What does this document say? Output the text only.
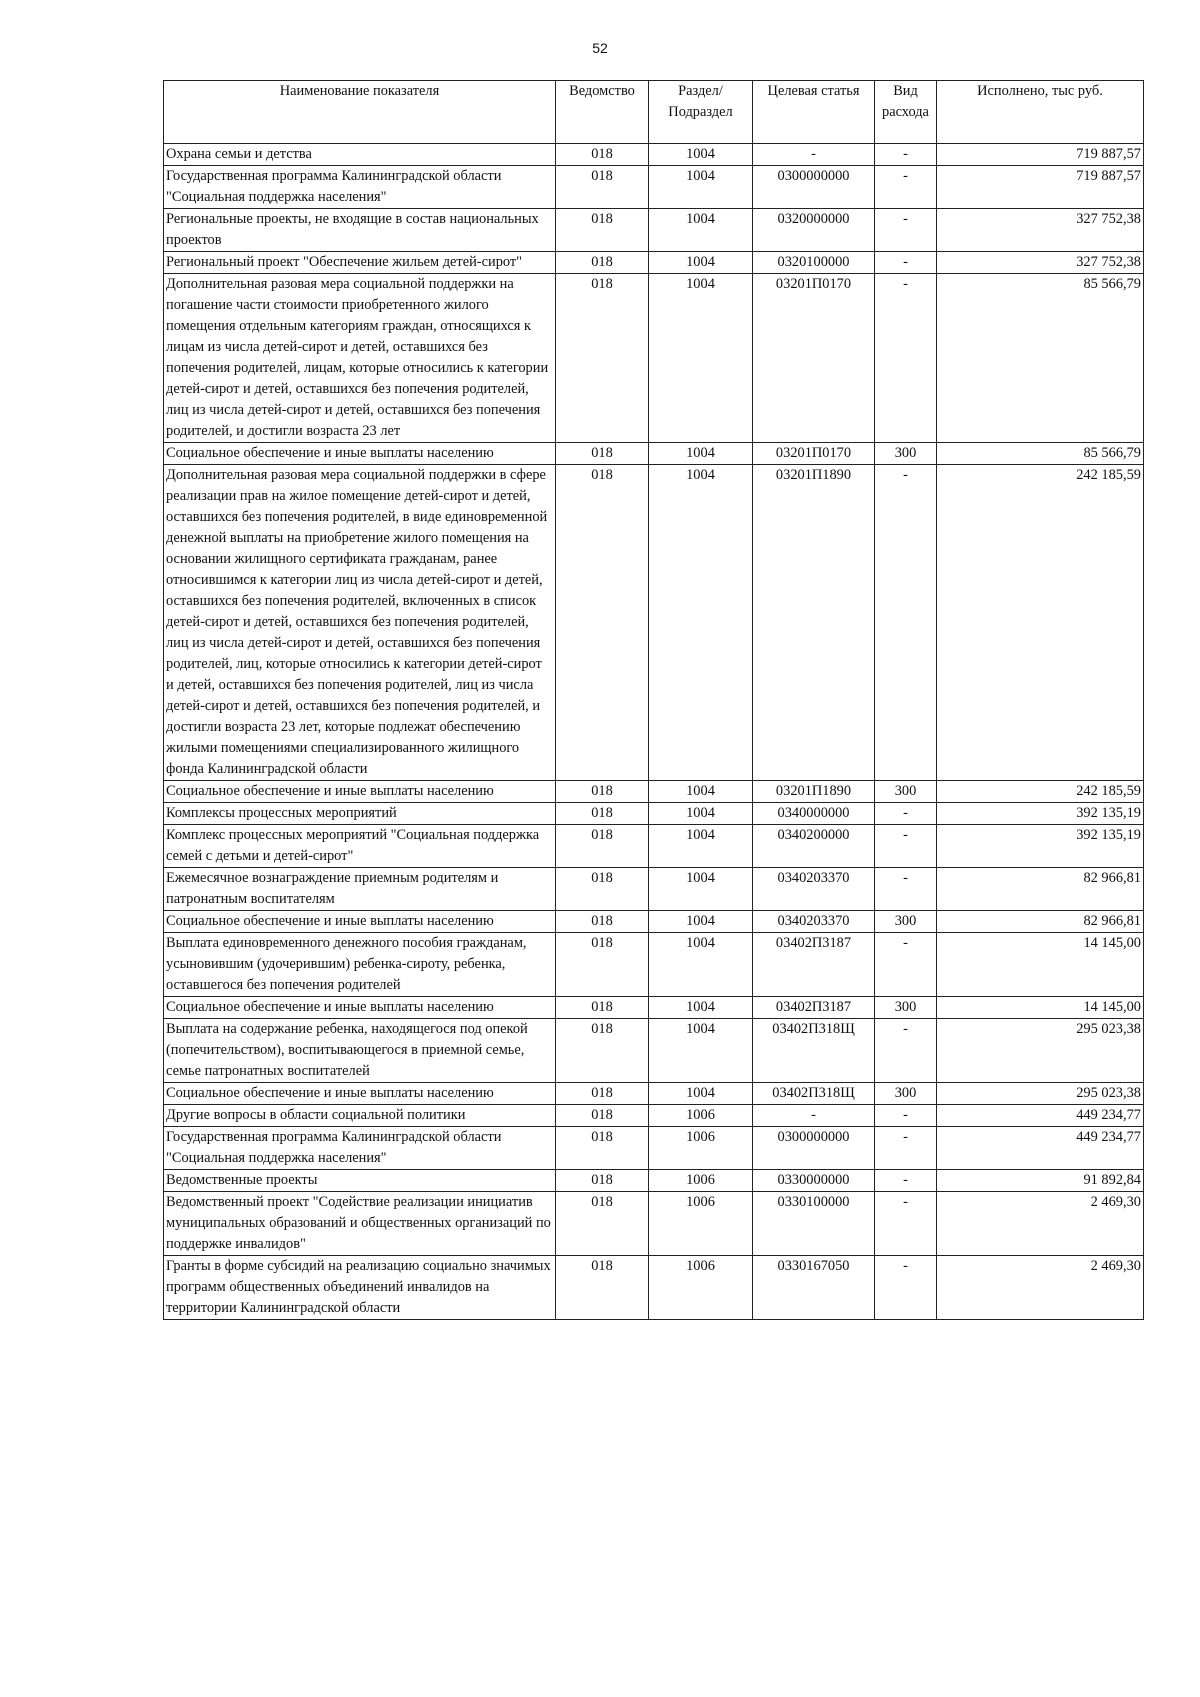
52
Наименование показателя	Ведомство	Раздел/ Подраздел	Целевая статья	Вид расхода	Исполнено, тыс руб.
Охрана семьи и детства	018	1004	-	-	719 887,57
Государственная программа Калининградской области "Социальная поддержка населения"	018	1004	0300000000	-	719 887,57
Региональные проекты, не входящие в состав национальных проектов	018	1004	0320000000	-	327 752,38
Региональный проект "Обеспечение жильем детей-сирот"	018	1004	0320100000	-	327 752,38
Дополнительная разовая мера социальной поддержки на погашение части стоимости приобретенного жилого помещения отдельным категориям граждан, относящихся к лицам из числа детей-сирот и детей, оставшихся без попечения родителей, лицам, которые относились к категории детей-сирот и детей, оставшихся без попечения родителей, лиц из числа детей-сирот и детей, оставшихся без попечения родителей, и достигли возраста 23 лет	018	1004	03201П0170	-	85 566,79
Социальное обеспечение и иные выплаты населению	018	1004	03201П0170	300	85 566,79
Дополнительная разовая мера социальной поддержки в сфере реализации прав на жилое помещение детей-сирот и детей, оставшихся без попечения родителей, в виде единовременной денежной выплаты на приобретение жилого помещения на основании жилищного сертификата гражданам, ранее относившимся к категории лиц из числа детей-сирот и детей, оставшихся без попечения родителей, включенных в список детей-сирот и детей, оставшихся без попечения родителей, лиц из числа детей-сирот и детей, оставшихся без попечения родителей, лиц, которые относились к категории детей-сирот и детей, оставшихся без попечения родителей, лиц из числа детей-сирот и детей, оставшихся без попечения родителей, и достигли возраста 23 лет, которые подлежат обеспечению жилыми помещениями специализированного жилищного фонда Калининградской области	018	1004	03201П1890	-	242 185,59
Социальное обеспечение и иные выплаты населению	018	1004	03201П1890	300	242 185,59
Комплексы процессных мероприятий	018	1004	0340000000	-	392 135,19
Комплекс процессных мероприятий "Социальная поддержка семей с детьми и детей-сирот"	018	1004	0340200000	-	392 135,19
Ежемесячное вознаграждение приемным родителям и патронатным воспитателям	018	1004	0340203370	-	82 966,81
Социальное обеспечение и иные выплаты населению	018	1004	0340203370	300	82 966,81
Выплата единовременного денежного пособия гражданам, усыновившим (удочерившим) ребенка-сироту, ребенка, оставшегося без попечения родителей	018	1004	03402П3187	-	14 145,00
Социальное обеспечение и иные выплаты населению	018	1004	03402П3187	300	14 145,00
Выплата на содержание ребенка, находящегося под опекой (попечительством), воспитывающегося в приемной семье, семье патронатных воспитателей	018	1004	03402П318Щ	-	295 023,38
Социальное обеспечение и иные выплаты населению	018	1004	03402П318Щ	300	295 023,38
Другие вопросы в области социальной политики	018	1006	-	-	449 234,77
Государственная программа Калининградской области "Социальная поддержка населения"	018	1006	0300000000	-	449 234,77
Ведомственные проекты	018	1006	0330000000	-	91 892,84
Ведомственный проект "Содействие реализации инициатив муниципальных образований и общественных организаций по поддержке инвалидов"	018	1006	0330100000	-	2 469,30
Гранты в форме субсидий на реализацию социально значимых программ общественных объединений инвалидов на территории Калининградской области	018	1006	0330167050	-	2 469,30
